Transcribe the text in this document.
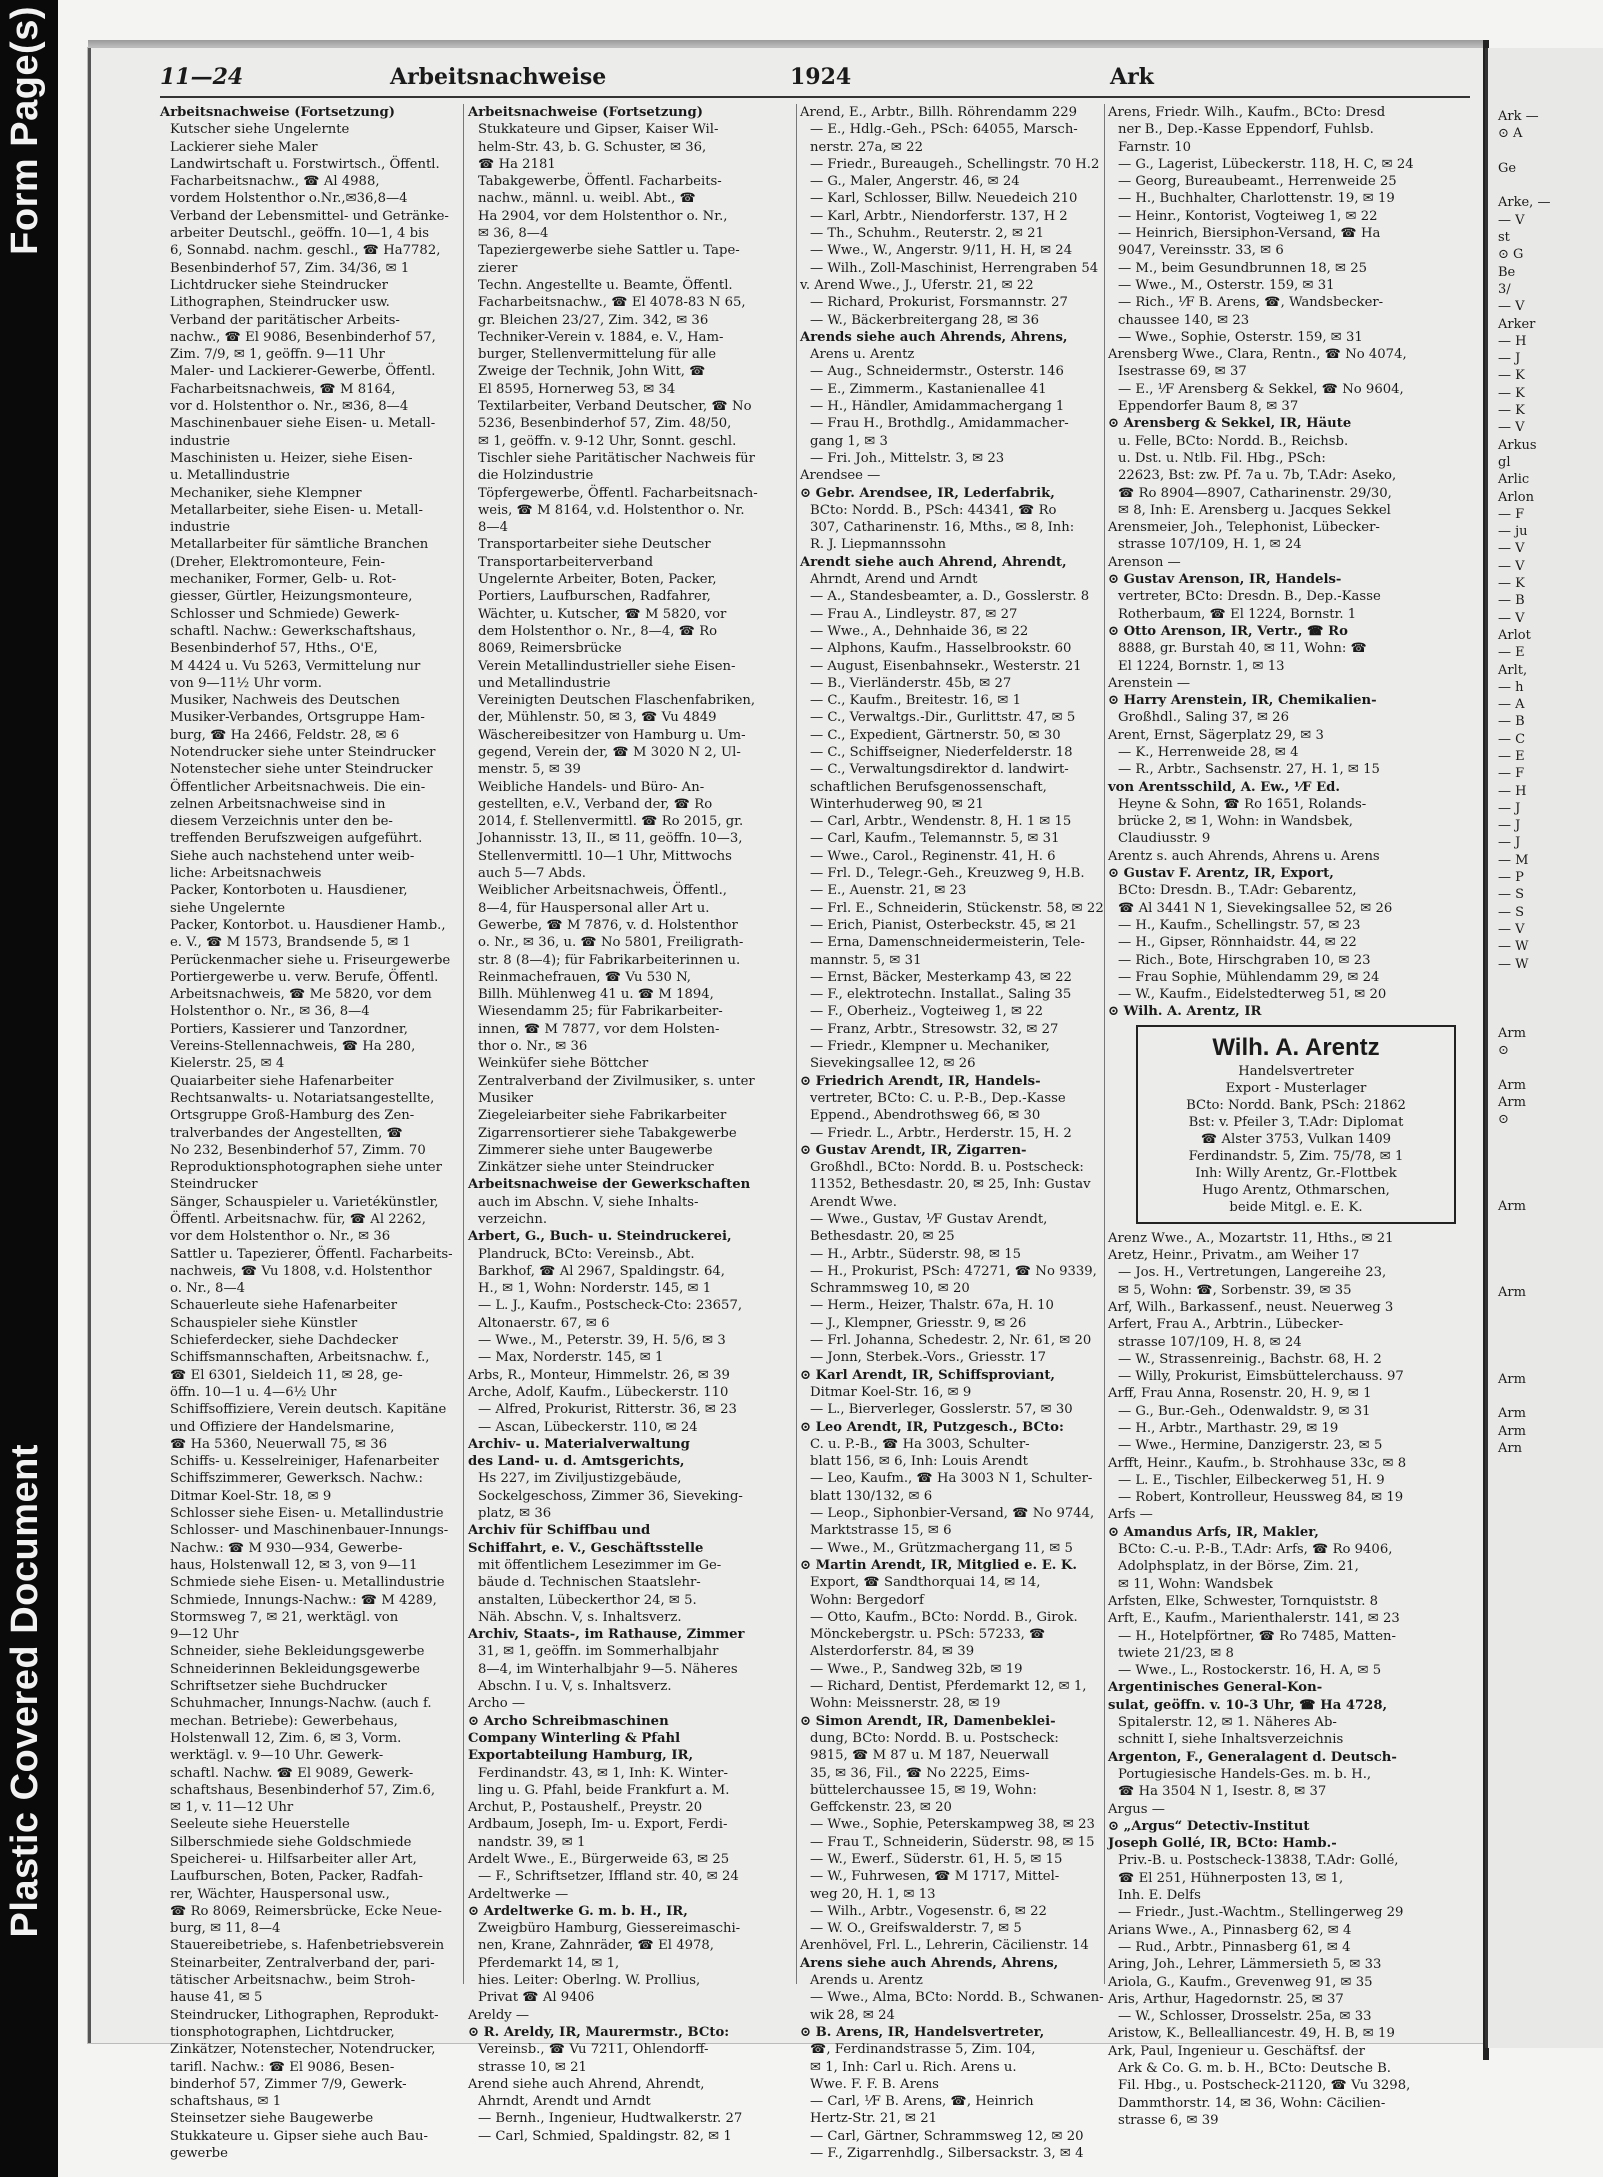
Form Page(s)
Plastic Covered Document

Ark —

⊙ A

Ge

Arke, —

— V

st

⊙ G

Be

3/

— V

Arker

— H

— J

— K

— K

— K

— V

Arkus

gl

Arlic

Arlon

— F

— ju

— V

— V

— K

— B

— V

Arlot

— E

Arlt,

— h

— A

— B

— C

— E

— F

— H

— J

— J

— J

— M

— P

— S

— S

— V

— W

— W

Arm

⊙

Arm

Arm

⊙

Arm

Arm

Arm

Arm

Arm

Arn

11—24	Arbeitsnachweise	1924	Ark

Arbeitsnachweise (Fortsetzung)

Kutscher siehe Ungelernte

Lackierer siehe Maler

Landwirtschaft u. Forstwirtsch., Öffentl.

Facharbeitsnachw., ☎ Al 4988,

vordem Holstenthor o.Nr.,✉36,8—4

Verband der Lebensmittel- und Getränke-

arbeiter Deutschl., geöffn. 10—1, 4 bis

6, Sonnabd. nachm. geschl., ☎ Ha7782,

Besenbinderhof 57, Zim. 34/36, ✉ 1

Lichtdrucker siehe Steindrucker

Lithographen, Steindrucker usw.

Verband der paritätischer Arbeits-

nachw., ☎ El 9086, Besenbinderhof 57,

Zim. 7/9, ✉ 1, geöffn. 9—11 Uhr

Maler- und Lackierer-Gewerbe, Öffentl.

Facharbeitsnachweis, ☎ M 8164,

vor d. Holstenthor o. Nr., ✉36, 8—4

Maschinenbauer siehe Eisen- u. Metall-

industrie

Maschinisten u. Heizer, siehe Eisen-

u. Metallindustrie

Mechaniker, siehe Klempner

Metallarbeiter, siehe Eisen- u. Metall-

industrie

Metallarbeiter für sämtliche Branchen

(Dreher, Elektromonteure, Fein-

mechaniker, Former, Gelb- u. Rot-

giesser, Gürtler, Heizungsmonteure,

Schlosser und Schmiede) Gewerk-

schaftl. Nachw.: Gewerkschaftshaus,

Besenbinderhof 57, Hths., O'E,

M 4424 u. Vu 5263, Vermittelung nur

von 9—11½ Uhr vorm.

Musiker, Nachweis des Deutschen

Musiker-Verbandes, Ortsgruppe Ham-

burg, ☎ Ha 2466, Feldstr. 28, ✉ 6

Notendrucker siehe unter Steindrucker

Notenstecher siehe unter Steindrucker

Öffentlicher Arbeitsnachweis. Die ein-

zelnen Arbeitsnachweise sind in

diesem Verzeichnis unter den be-

treffenden Berufszweigen aufgeführt.

Siehe auch nachstehend unter weib-

liche: Arbeitsnachweis

Packer, Kontorboten u. Hausdiener,

siehe Ungelernte

Packer, Kontorbot. u. Hausdiener Hamb.,

e. V., ☎ M 1573, Brandsende 5, ✉ 1

Perückenmacher siehe u. Friseurgewerbe

Portiergewerbe u. verw. Berufe, Öffentl.

Arbeitsnachweis, ☎ Me 5820, vor dem

Holstenthor o. Nr., ✉ 36, 8—4

Portiers, Kassierer und Tanzordner,

Vereins-Stellennachweis, ☎ Ha 280,

Kielerstr. 25, ✉ 4

Quaiarbeiter siehe Hafenarbeiter

Rechtsanwalts- u. Notariatsangestellte,

Ortsgruppe Groß-Hamburg des Zen-

tralverbandes der Angestellten, ☎

No 232, Besenbinderhof 57, Zimm. 70

Reproduktionsphotographen siehe unter

Steindrucker

Sänger, Schauspieler u. Varietékünstler,

Öffentl. Arbeitsnachw. für, ☎ Al 2262,

vor dem Holstenthor o. Nr., ✉ 36

Sattler u. Tapezierer, Öffentl. Facharbeits-

nachweis, ☎ Vu 1808, v.d. Holstenthor

o. Nr., 8—4

Schauerleute siehe Hafenarbeiter

Schauspieler siehe Künstler

Schieferdecker, siehe Dachdecker

Schiffsmannschaften, Arbeitsnachw. f.,

☎ El 6301, Sieldeich 11, ✉ 28, ge-

öffn. 10—1 u. 4—6½ Uhr

Schiffsoffiziere, Verein deutsch. Kapitäne

und Offiziere der Handelsmarine,

☎ Ha 5360, Neuerwall 75, ✉ 36

Schiffs- u. Kesselreiniger, Hafenarbeiter

Schiffszimmerer, Gewerksch. Nachw.:

Ditmar Koel-Str. 18, ✉ 9

Schlosser siehe Eisen- u. Metallindustrie

Schlosser- und Maschinenbauer-Innungs-

Nachw.: ☎ M 930—934, Gewerbe-

haus, Holstenwall 12, ✉ 3, von 9—11

Schmiede siehe Eisen- u. Metallindustrie

Schmiede, Innungs-Nachw.: ☎ M 4289,

Stormsweg 7, ✉ 21, werktägl. von

9—12 Uhr

Schneider, siehe Bekleidungsgewerbe

Schneiderinnen Bekleidungsgewerbe

Schriftsetzer siehe Buchdrucker

Schuhmacher, Innungs-Nachw. (auch f.

mechan. Betriebe): Gewerbehaus,

Holstenwall 12, Zim. 6, ✉ 3, Vorm.

werktägl. v. 9—10 Uhr. Gewerk-

schaftl. Nachw. ☎ El 9089, Gewerk-

schaftshaus, Besenbinderhof 57, Zim.6,

✉ 1, v. 11—12 Uhr

Seeleute siehe Heuerstelle

Silberschmiede siehe Goldschmiede

Speicherei- u. Hilfsarbeiter aller Art,

Laufburschen, Boten, Packer, Radfah-

rer, Wächter, Hauspersonal usw.,

☎ Ro 8069, Reimersbrücke, Ecke Neue-

burg, ✉ 11, 8—4

Stauereibetriebe, s. Hafenbetriebsverein

Steinarbeiter, Zentralverband der, pari-

tätischer Arbeitsnachw., beim Stroh-

hause 41, ✉ 5

Steindrucker, Lithographen, Reprodukt-

tionsphotographen, Lichtdrucker,

Zinkätzer, Notenstecher, Notendrucker,

tarifl. Nachw.: ☎ El 9086, Besen-

binderhof 57, Zimmer 7/9, Gewerk-

schaftshaus, ✉ 1

Steinsetzer siehe Baugewerbe

Stukkateure u. Gipser siehe auch Bau-

gewerbe

Arbeitsnachweise (Fortsetzung)

Stukkateure und Gipser, Kaiser Wil-

helm-Str. 43, b. G. Schuster, ✉ 36,

☎ Ha 2181

Tabakgewerbe, Öffentl. Facharbeits-

nachw., männl. u. weibl. Abt., ☎

Ha 2904, vor dem Holstenthor o. Nr.,

✉ 36, 8—4

Tapeziergewerbe siehe Sattler u. Tape-

zierer

Techn. Angestellte u. Beamte, Öffentl.

Facharbeitsnachw., ☎ El 4078-83 N 65,

gr. Bleichen 23/27, Zim. 342, ✉ 36

Techniker-Verein v. 1884, e. V., Ham-

burger, Stellenvermittelung für alle

Zweige der Technik, John Witt, ☎

El 8595, Hornerweg 53, ✉ 34

Textilarbeiter, Verband Deutscher, ☎ No

5236, Besenbinderhof 57, Zim. 48/50,

✉ 1, geöffn. v. 9-12 Uhr, Sonnt. geschl.

Tischler siehe Paritätischer Nachweis für

die Holzindustrie

Töpfergewerbe, Öffentl. Facharbeitsnach-

weis, ☎ M 8164, v.d. Holstenthor o. Nr.

8—4

Transportarbeiter siehe Deutscher

Transportarbeiterverband

Ungelernte Arbeiter, Boten, Packer,

Portiers, Laufburschen, Radfahrer,

Wächter, u. Kutscher, ☎ M 5820, vor

dem Holstenthor o. Nr., 8—4, ☎ Ro

8069, Reimersbrücke

Verein Metallindustrieller siehe Eisen-

und Metallindustrie

Vereinigten Deutschen Flaschenfabriken,

der, Mühlenstr. 50, ✉ 3, ☎ Vu 4849

Wäschereibesitzer von Hamburg u. Um-

gegend, Verein der, ☎ M 3020 N 2, Ul-

menstr. 5, ✉ 39

Weibliche Handels- und Büro- An-

gestellten, e.V., Verband der, ☎ Ro

2014, f. Stellenvermittl. ☎ Ro 2015, gr.

Johannisstr. 13, II., ✉ 11, geöffn. 10—3,

Stellenvermittl. 10—1 Uhr, Mittwochs

auch 5—7 Abds.

Weiblicher Arbeitsnachweis, Öffentl.,

8—4, für Hauspersonal aller Art u.

Gewerbe, ☎ M 7876, v. d. Holstenthor

o. Nr., ✉ 36, u. ☎ No 5801, Freiligrath-

str. 8 (8—4); für Fabrikarbeiterinnen u.

Reinmachefrauen, ☎ Vu 530 N,

Billh. Mühlenweg 41 u. ☎ M 1894,

Wiesendamm 25; für Fabrikarbeiter-

innen, ☎ M 7877, vor dem Holsten-

thor o. Nr., ✉ 36

Weinküfer siehe Böttcher

Zentralverband der Zivilmusiker, s. unter

Musiker

Ziegeleiarbeiter siehe Fabrikarbeiter

Zigarrensortierer siehe Tabakgewerbe

Zimmerer siehe unter Baugewerbe

Zinkätzer siehe unter Steindrucker

Arbeitsnachweise der Gewerkschaften

auch im Abschn. V, siehe Inhalts-

verzeichn.

Arbert, G., Buch- u. Steindruckerei,

Plandruck, BCto: Vereinsb., Abt.

Barkhof, ☎ Al 2967, Spaldingstr. 64,

H., ✉ 1, Wohn: Norderstr. 145, ✉ 1

— L. J., Kaufm., Postscheck-Cto: 23657,

Altonaerstr. 67, ✉ 6

— Wwe., M., Peterstr. 39, H. 5/6, ✉ 3

— Max, Norderstr. 145, ✉ 1

Arbs, R., Monteur, Himmelstr. 26, ✉ 39

Arche, Adolf, Kaufm., Lübeckerstr. 110

— Alfred, Prokurist, Ritterstr. 36, ✉ 23

— Ascan, Lübeckerstr. 110, ✉ 24

Archiv- u. Materialverwaltung

des Land- u. d. Amtsgerichts,

Hs 227, im Ziviljustizgebäude,

Sockelgeschoss, Zimmer 36, Sieveking-

platz, ✉ 36

Archiv für Schiffbau und

Schiffahrt, e. V., Geschäftsstelle

mit öffentlichem Lesezimmer im Ge-

bäude d. Technischen Staatslehr-

anstalten, Lübeckerthor 24, ✉ 5.

Näh. Abschn. V, s. Inhaltsverz.

Archiv, Staats-, im Rathause, Zimmer

31, ✉ 1, geöffn. im Sommerhalbjahr

8—4, im Winterhalbjahr 9—5. Näheres

Abschn. I u. V, s. Inhaltsverz.

Archo —

⊙ Archo Schreibmaschinen

Company Winterling & Pfahl

Exportabteilung Hamburg, IR,

Ferdinandstr. 43, ✉ 1, Inh: K. Winter-

ling u. G. Pfahl, beide Frankfurt a. M.

Archut, P., Postaushelf., Preystr. 20

Ardbaum, Joseph, Im- u. Export, Ferdi-

nandstr. 39, ✉ 1

Ardelt Wwe., E., Bürgerweide 63, ✉ 25

— F., Schriftsetzer, Iffland str. 40, ✉ 24

Ardeltwerke —

⊙ Ardeltwerke G. m. b. H., IR,

Zweigbüro Hamburg, Giessereimaschi-

nen, Krane, Zahnräder, ☎ El 4978,

Pferdemarkt 14, ✉ 1,

hies. Leiter: Oberlng. W. Prollius,

Privat ☎ Al 9406

Areldy —

⊙ R. Areldy, IR, Maurermstr., BCto:

Vereinsb., ☎ Vu 7211, Ohlendorff-

strasse 10, ✉ 21

Arend siehe auch Ahrend, Ahrendt,

Ahrndt, Arendt und Arndt

— Bernh., Ingenieur, Hudtwalkerstr. 27

— Carl, Schmied, Spaldingstr. 82, ✉ 1

Arend, E., Arbtr., Billh. Röhrendamm 229

— E., Hdlg.-Geh., PSch: 64055, Marsch-

nerstr. 27a, ✉ 22

— Friedr., Bureaugeh., Schellingstr. 70 H.2

— G., Maler, Angerstr. 46, ✉ 24

— Karl, Schlosser, Billw. Neuedeich 210

— Karl, Arbtr., Niendorferstr. 137, H 2

— Th., Schuhm., Reuterstr. 2, ✉ 21

— Wwe., W., Angerstr. 9/11, H. H, ✉ 24

— Wilh., Zoll-Maschinist, Herrengraben 54

v. Arend Wwe., J., Uferstr. 21, ✉ 22

— Richard, Prokurist, Forsmannstr. 27

— W., Bäckerbreitergang 28, ✉ 36

Arends siehe auch Ahrends, Ahrens,

Arens u. Arentz

— Aug., Schneidermstr., Osterstr. 146

— E., Zimmerm., Kastanienallee 41

— H., Händler, Amidammachergang 1

— Frau H., Brothdlg., Amidammacher-

gang 1, ✉ 3

— Fri. Joh., Mittelstr. 3, ✉ 23

Arendsee —

⊙ Gebr. Arendsee, IR, Lederfabrik,

BCto: Nordd. B., PSch: 44341, ☎ Ro

307, Catharinenstr. 16, Mths., ✉ 8, Inh:

R. J. Liepmannssohn

Arendt siehe auch Ahrend, Ahrendt,

Ahrndt, Arend und Arndt

— A., Standesbeamter, a. D., Gosslerstr. 8

— Frau A., Lindleystr. 87, ✉ 27

— Wwe., A., Dehnhaide 36, ✉ 22

— Alphons, Kaufm., Hasselbrookstr. 60

— August, Eisenbahnsekr., Westerstr. 21

— B., Vierländerstr. 45b, ✉ 27

— C., Kaufm., Breitestr. 16, ✉ 1

— C., Verwaltgs.-Dir., Gurlittstr. 47, ✉ 5

— C., Expedient, Gärtnerstr. 50, ✉ 30

— C., Schiffseigner, Niederfelderstr. 18

— C., Verwaltungsdirektor d. landwirt-

schaftlichen Berufsgenossenschaft,

Winterhuderweg 90, ✉ 21

— Carl, Arbtr., Wendenstr. 8, H. 1 ✉ 15

— Carl, Kaufm., Telemannstr. 5, ✉ 31

— Wwe., Carol., Reginenstr. 41, H. 6

— Frl. D., Telegr.-Geh., Kreuzweg 9, H.B.

— E., Auenstr. 21, ✉ 23

— Frl. E., Schneiderin, Stückenstr. 58, ✉ 22

— Erich, Pianist, Osterbeckstr. 45, ✉ 21

— Erna, Damenschneidermeisterin, Tele-

mannstr. 5, ✉ 31

— Ernst, Bäcker, Mesterkamp 43, ✉ 22

— F., elektrotechn. Installat., Saling 35

— F., Oberheiz., Vogteiweg 1, ✉ 22

— Franz, Arbtr., Stresowstr. 32, ✉ 27

— Friedr., Klempner u. Mechaniker,

Sievekingsallee 12, ✉ 26

⊙ Friedrich Arendt, IR, Handels-

vertreter, BCto: C. u. P.-B., Dep.-Kasse

Eppend., Abendrothsweg 66, ✉ 30

— Friedr. L., Arbtr., Herderstr. 15, H. 2

⊙ Gustav Arendt, IR, Zigarren-

Großhdl., BCto: Nordd. B. u. Postscheck:

11352, Bethesdastr. 20, ✉ 25, Inh: Gustav

Arendt Wwe.

— Wwe., Gustav, ⅟F Gustav Arendt,

Bethesdastr. 20, ✉ 25

— H., Arbtr., Süderstr. 98, ✉ 15

— H., Prokurist, PSch: 47271, ☎ No 9339,

Schrammsweg 10, ✉ 20

— Herm., Heizer, Thalstr. 67a, H. 10

— J., Klempner, Griesstr. 9, ✉ 26

— Frl. Johanna, Schedestr. 2, Nr. 61, ✉ 20

— Jonn, Sterbek.-Vors., Griesstr. 17

⊙ Karl Arendt, IR, Schiffsproviant,

Ditmar Koel-Str. 16, ✉ 9

— L., Bierverleger, Gosslerstr. 57, ✉ 30

⊙ Leo Arendt, IR, Putzgesch., BCto:

C. u. P.-B., ☎ Ha 3003, Schulter-

blatt 156, ✉ 6, Inh: Louis Arendt

— Leo, Kaufm., ☎ Ha 3003 N 1, Schulter-

blatt 130/132, ✉ 6

— Leop., Siphonbier-Versand, ☎ No 9744,

Marktstrasse 15, ✉ 6

— Wwe., M., Grützmachergang 11, ✉ 5

⊙ Martin Arendt, IR, Mitglied e. E. K.

Export, ☎ Sandthorquai 14, ✉ 14,

Wohn: Bergedorf

— Otto, Kaufm., BCto: Nordd. B., Girok.

Mönckebergstr. u. PSch: 57233, ☎

Alsterdorferstr. 84, ✉ 39

— Wwe., P., Sandweg 32b, ✉ 19

— Richard, Dentist, Pferdemarkt 12, ✉ 1,

Wohn: Meissnerstr. 28, ✉ 19

⊙ Simon Arendt, IR, Damenbeklei-

dung, BCto: Nordd. B. u. Postscheck:

9815, ☎ M 87 u. M 187, Neuerwall

35, ✉ 36, Fil., ☎ No 2225, Eims-

büttelerchaussee 15, ✉ 19, Wohn:

Geffckenstr. 23, ✉ 20

— Wwe., Sophie, Peterskampweg 38, ✉ 23

— Frau T., Schneiderin, Süderstr. 98, ✉ 15

— W., Ewerf., Süderstr. 61, H. 5, ✉ 15

— W., Fuhrwesen, ☎ M 1717, Mittel-

weg 20, H. 1, ✉ 13

— Wilh., Arbtr., Vogesenstr. 6, ✉ 22

— W. O., Greifswalderstr. 7, ✉ 5

Arenhövel, Frl. L., Lehrerin, Cäcilienstr. 14

Arens siehe auch Ahrends, Ahrens,

Arends u. Arentz

— Wwe., Alma, BCto: Nordd. B., Schwanen-

wik 28, ✉ 24

⊙ B. Arens, IR, Handelsvertreter,

☎, Ferdinandstrasse 5, Zim. 104,

✉ 1, Inh: Carl u. Rich. Arens u.

Wwe. F. F. B. Arens

— Carl, ⅟F B. Arens, ☎, Heinrich

Hertz-Str. 21, ✉ 21

— Carl, Gärtner, Schrammsweg 12, ✉ 20

— F., Zigarrenhdlg., Silbersackstr. 3, ✉ 4

Arens, Friedr. Wilh., Kaufm., BCto: Dresd

ner B., Dep.-Kasse Eppendorf, Fuhlsb.

Farnstr. 10

— G., Lagerist, Lübeckerstr. 118, H. C, ✉ 24

— Georg, Bureaubeamt., Herrenweide 25

— H., Buchhalter, Charlottenstr. 19, ✉ 19

— Heinr., Kontorist, Vogteiweg 1, ✉ 22

— Heinrich, Biersiphon-Versand, ☎ Ha

9047, Vereinsstr. 33, ✉ 6

— M., beim Gesundbrunnen 18, ✉ 25

— Wwe., M., Osterstr. 159, ✉ 31

— Rich., ⅟F B. Arens, ☎, Wandsbecker-

chaussee 140, ✉ 23

— Wwe., Sophie, Osterstr. 159, ✉ 31

Arensberg Wwe., Clara, Rentn., ☎ No 4074,

Isestrasse 69, ✉ 37

— E., ⅟F Arensberg & Sekkel, ☎ No 9604,

Eppendorfer Baum 8, ✉ 37

⊙ Arensberg & Sekkel, IR, Häute

u. Felle, BCto: Nordd. B., Reichsb.

u. Dst. u. Ntlb. Fil. Hbg., PSch:

22623, Bst: zw. Pf. 7a u. 7b, T.Adr: Aseko,

☎ Ro 8904—8907, Catharinenstr. 29/30,

✉ 8, Inh: E. Arensberg u. Jacques Sekkel

Arensmeier, Joh., Telephonist, Lübecker-

strasse 107/109, H. 1, ✉ 24

Arenson —

⊙ Gustav Arenson, IR, Handels-

vertreter, BCto: Dresdn. B., Dep.-Kasse

Rotherbaum, ☎ El 1224, Bornstr. 1

⊙ Otto Arenson, IR, Vertr., ☎ Ro

8888, gr. Burstah 40, ✉ 11, Wohn: ☎

El 1224, Bornstr. 1, ✉ 13

Arenstein —

⊙ Harry Arenstein, IR, Chemikalien-

Großhdl., Saling 37, ✉ 26

Arent, Ernst, Sägerplatz 29, ✉ 3

— K., Herrenweide 28, ✉ 4

— R., Arbtr., Sachsenstr. 27, H. 1, ✉ 15

von Arentsschild, A. Ew., ⅟F Ed.

Heyne & Sohn, ☎ Ro 1651, Rolands-

brücke 2, ✉ 1, Wohn: in Wandsbek,

Claudiusstr. 9

Arentz s. auch Ahrends, Ahrens u. Arens

⊙ Gustav F. Arentz, IR, Export,

BCto: Dresdn. B., T.Adr: Gebarentz,

☎ Al 3441 N 1, Sievekingsallee 52, ✉ 26

— H., Kaufm., Schellingstr. 57, ✉ 23

— H., Gipser, Rönnhaidstr. 44, ✉ 22

— Rich., Bote, Hirschgraben 10, ✉ 23

— Frau Sophie, Mühlendamm 29, ✉ 24

— W., Kaufm., Eidelstedterweg 51, ✉ 20

⊙ Wilh. A. Arentz, IR

Wilh. A. Arentz

Handelsvertreter

Export - Musterlager

BCto: Nordd. Bank, PSch: 21862

Bst: v. Pfeiler 3, T.Adr: Diplomat

☎ Alster 3753, Vulkan 1409

Ferdinandstr. 5, Zim. 75/78, ✉ 1

Inh: Willy Arentz, Gr.-Flottbek

Hugo Arentz, Othmarschen,

beide Mitgl. e. E. K.

Arenz Wwe., A., Mozartstr. 11, Hths., ✉ 21

Aretz, Heinr., Privatm., am Weiher 17

— Jos. H., Vertretungen, Langereihe 23,

✉ 5, Wohn: ☎, Sorbenstr. 39, ✉ 35

Arf, Wilh., Barkassenf., neust. Neuerweg 3

Arfert, Frau A., Arbtrin., Lübecker-

strasse 107/109, H. 8, ✉ 24

— W., Strassenreinig., Bachstr. 68, H. 2

— Willy, Prokurist, Eimsbüttelerchauss. 97

Arff, Frau Anna, Rosenstr. 20, H. 9, ✉ 1

— G., Bur.-Geh., Odenwaldstr. 9, ✉ 31

— H., Arbtr., Marthastr. 29, ✉ 19

— Wwe., Hermine, Danzigerstr. 23, ✉ 5

Arfft, Heinr., Kaufm., b. Strohhause 33c, ✉ 8

— L. E., Tischler, Eilbeckerweg 51, H. 9

— Robert, Kontrolleur, Heussweg 84, ✉ 19

Arfs —

⊙ Amandus Arfs, IR, Makler,

BCto: C.-u. P.-B., T.Adr: Arfs, ☎ Ro 9406,

Adolphsplatz, in der Börse, Zim. 21,

✉ 11, Wohn: Wandsbek

Arfsten, Elke, Schwester, Tornquiststr. 8

Arft, E., Kaufm., Marienthalerstr. 141, ✉ 23

— H., Hotelpförtner, ☎ Ro 7485, Matten-

twiete 21/23, ✉ 8

— Wwe., L., Rostockerstr. 16, H. A, ✉ 5

Argentinisches General-Kon-

sulat, geöffn. v. 10-3 Uhr, ☎ Ha 4728,

Spitalerstr. 12, ✉ 1. Näheres Ab-

schnitt I, siehe Inhaltsverzeichnis

Argenton, F., Generalagent d. Deutsch-

Portugiesische Handels-Ges. m. b. H.,

☎ Ha 3504 N 1, Isestr. 8, ✉ 37

Argus —

⊙ „Argus“ Detectiv-Institut

Joseph Gollé, IR, BCto: Hamb.-

Priv.-B. u. Postscheck-13838, T.Adr: Gollé,

☎ El 251, Hühnerposten 13, ✉ 1,

Inh. E. Delfs

— Friedr., Just.-Wachtm., Stellingerweg 29

Arians Wwe., A., Pinnasberg 62, ✉ 4

— Rud., Arbtr., Pinnasberg 61, ✉ 4

Aring, Joh., Lehrer, Lämmersieth 5, ✉ 33

Ariola, G., Kaufm., Grevenweg 91, ✉ 35

Aris, Arthur, Hagedornstr. 25, ✉ 37

— W., Schlosser, Drosselstr. 25a, ✉ 33

Aristow, K., Bellealliancestr. 49, H. B, ✉ 19

Ark, Paul, Ingenieur u. Geschäftsf. der

Ark & Co. G. m. b. H., BCto: Deutsche B.

Fil. Hbg., u. Postscheck-21120, ☎ Vu 3298,

Dammthorstr. 14, ✉ 36, Wohn: Cäcilien-

strasse 6, ✉ 39
